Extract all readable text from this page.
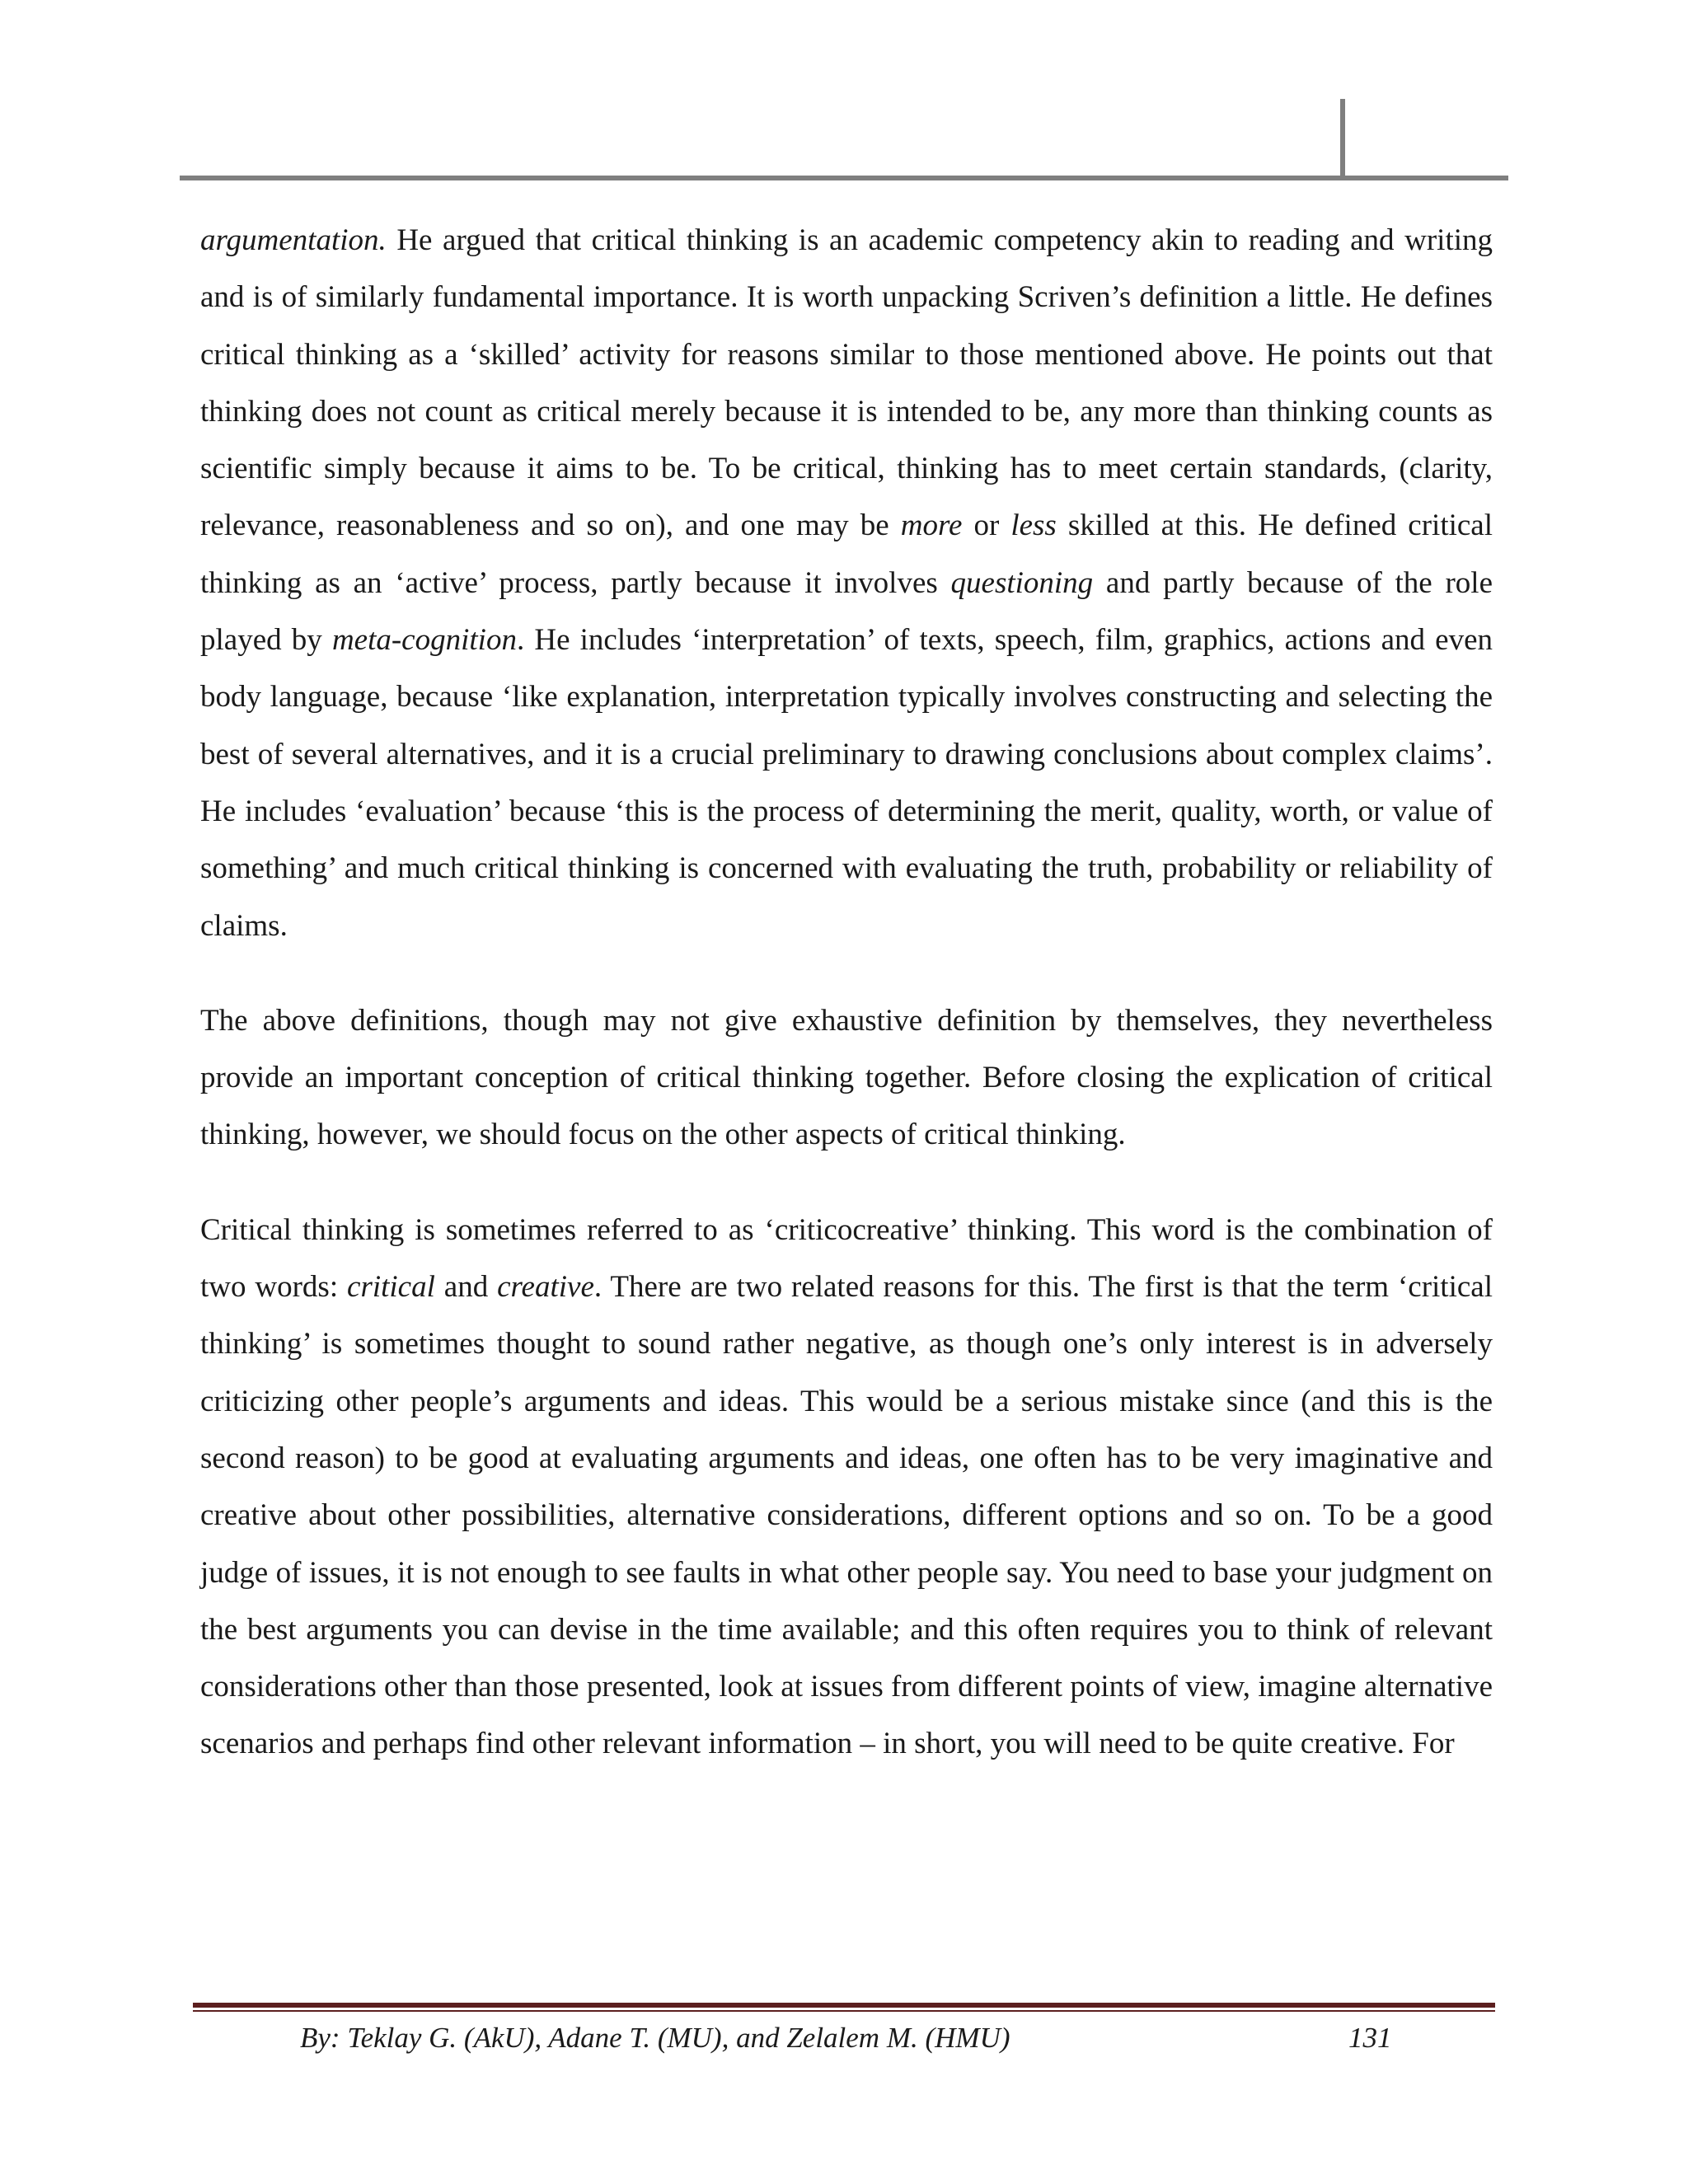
argumentation. He argued that critical thinking is an academic competency akin to reading and writing and is of similarly fundamental importance. It is worth unpacking Scriven’s definition a little. He defines critical thinking as a ‘skilled’ activity for reasons similar to those mentioned above. He points out that thinking does not count as critical merely because it is intended to be, any more than thinking counts as scientific simply because it aims to be. To be critical, thinking has to meet certain standards, (clarity, relevance, reasonableness and so on), and one may be more or less skilled at this. He defined critical thinking as an ‘active’ process, partly because it involves questioning and partly because of the role played by meta-cognition. He includes ‘interpretation’ of texts, speech, film, graphics, actions and even body language, because ‘like explanation, interpretation typically involves constructing and selecting the best of several alternatives, and it is a crucial preliminary to drawing conclusions about complex claims’. He includes ‘evaluation’ because ‘this is the process of determining the merit, quality, worth, or value of something’ and much critical thinking is concerned with evaluating the truth, probability or reliability of claims.

The above definitions, though may not give exhaustive definition by themselves, they nevertheless provide an important conception of critical thinking together. Before closing the explication of critical thinking, however, we should focus on the other aspects of critical thinking.

Critical thinking is sometimes referred to as ‘criticocreative’ thinking. This word is the combination of two words: critical and creative. There are two related reasons for this. The first is that the term ‘critical thinking’ is sometimes thought to sound rather negative, as though one’s only interest is in adversely criticizing other people’s arguments and ideas. This would be a serious mistake since (and this is the second reason) to be good at evaluating arguments and ideas, one often has to be very imaginative and creative about other possibilities, alternative considerations, different options and so on. To be a good judge of issues, it is not enough to see faults in what other people say. You need to base your judgment on the best arguments you can devise in the time available; and this often requires you to think of relevant considerations other than those presented, look at issues from different points of view, imagine alternative scenarios and perhaps find other relevant information – in short, you will need to be quite creative. For

By: Teklay G. (AkU), Adane T. (MU), and Zelalem M. (HMU)	131
